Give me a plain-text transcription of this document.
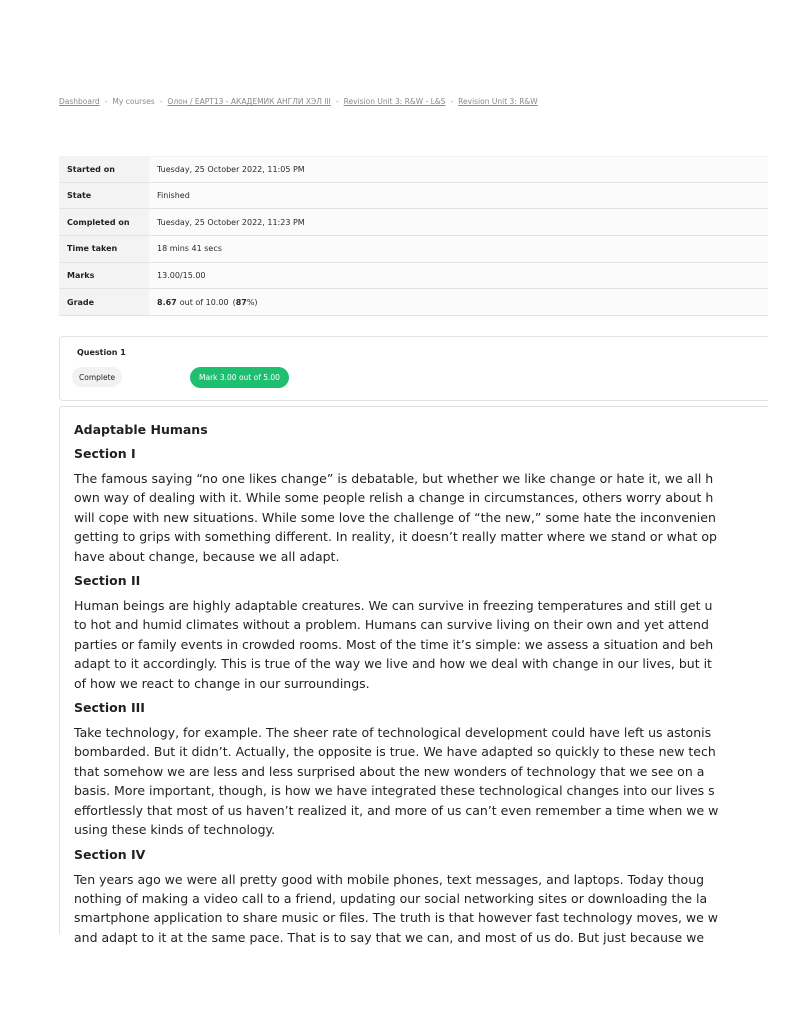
Dashboard - My courses - Олон / EAPT13 - АКАДЕМИК АНГЛИ ХЭЛ III - Revision Unit 3: R&W - L&S - Revision Unit 3: R&W
Started on	Tuesday, 25 October 2022, 11:05 PM
State	Finished
Completed on	Tuesday, 25 October 2022, 11:23 PM
Time taken	18 mins 41 secs
Marks	13.00/15.00
Grade	8.67 out of 10.00 ( 87 %)
Question 1
Complete	Mark 3.00 out of 5.00
Adaptable Humans
Section I

The famous saying “no one likes change” is debatable, but whether we like change or hate it, we all h
own way of dealing with it. While some people relish a change in circumstances, others worry about h
will cope with new situations. While some love the challenge of “the new,” some hate the inconvenien
getting to grips with something different. In reality, it doesn’t really matter where we stand or what op
have about change, because we all adapt.

Section II

Human beings are highly adaptable creatures. We can survive in freezing temperatures and still get u
to hot and humid climates without a problem. Humans can survive living on their own and yet attend
parties or family events in crowded rooms. Most of the time it’s simple: we assess a situation and beh
adapt to it accordingly. This is true of the way we live and how we deal with change in our lives, but it
of how we react to change in our surroundings.

Section III

Take technology, for example. The sheer rate of technological development could have left us astonis
bombarded. But it didn’t. Actually, the opposite is true. We have adapted so quickly to these new tech
that somehow we are less and less surprised about the new wonders of technology that we see on a
basis. More important, though, is how we have integrated these technological changes into our lives s
effortlessly that most of us haven’t realized it, and more of us can’t even remember a time when we w
using these kinds of technology.

Section IV

Ten years ago we were all pretty good with mobile phones, text messages, and laptops. Today thoug
nothing of making a video call to a friend, updating our social networking sites or downloading the la
smartphone application to share music or files. The truth is that however fast technology moves, we w
and adapt to it at the same pace. That is to say that we can, and most of us do. But just because we
